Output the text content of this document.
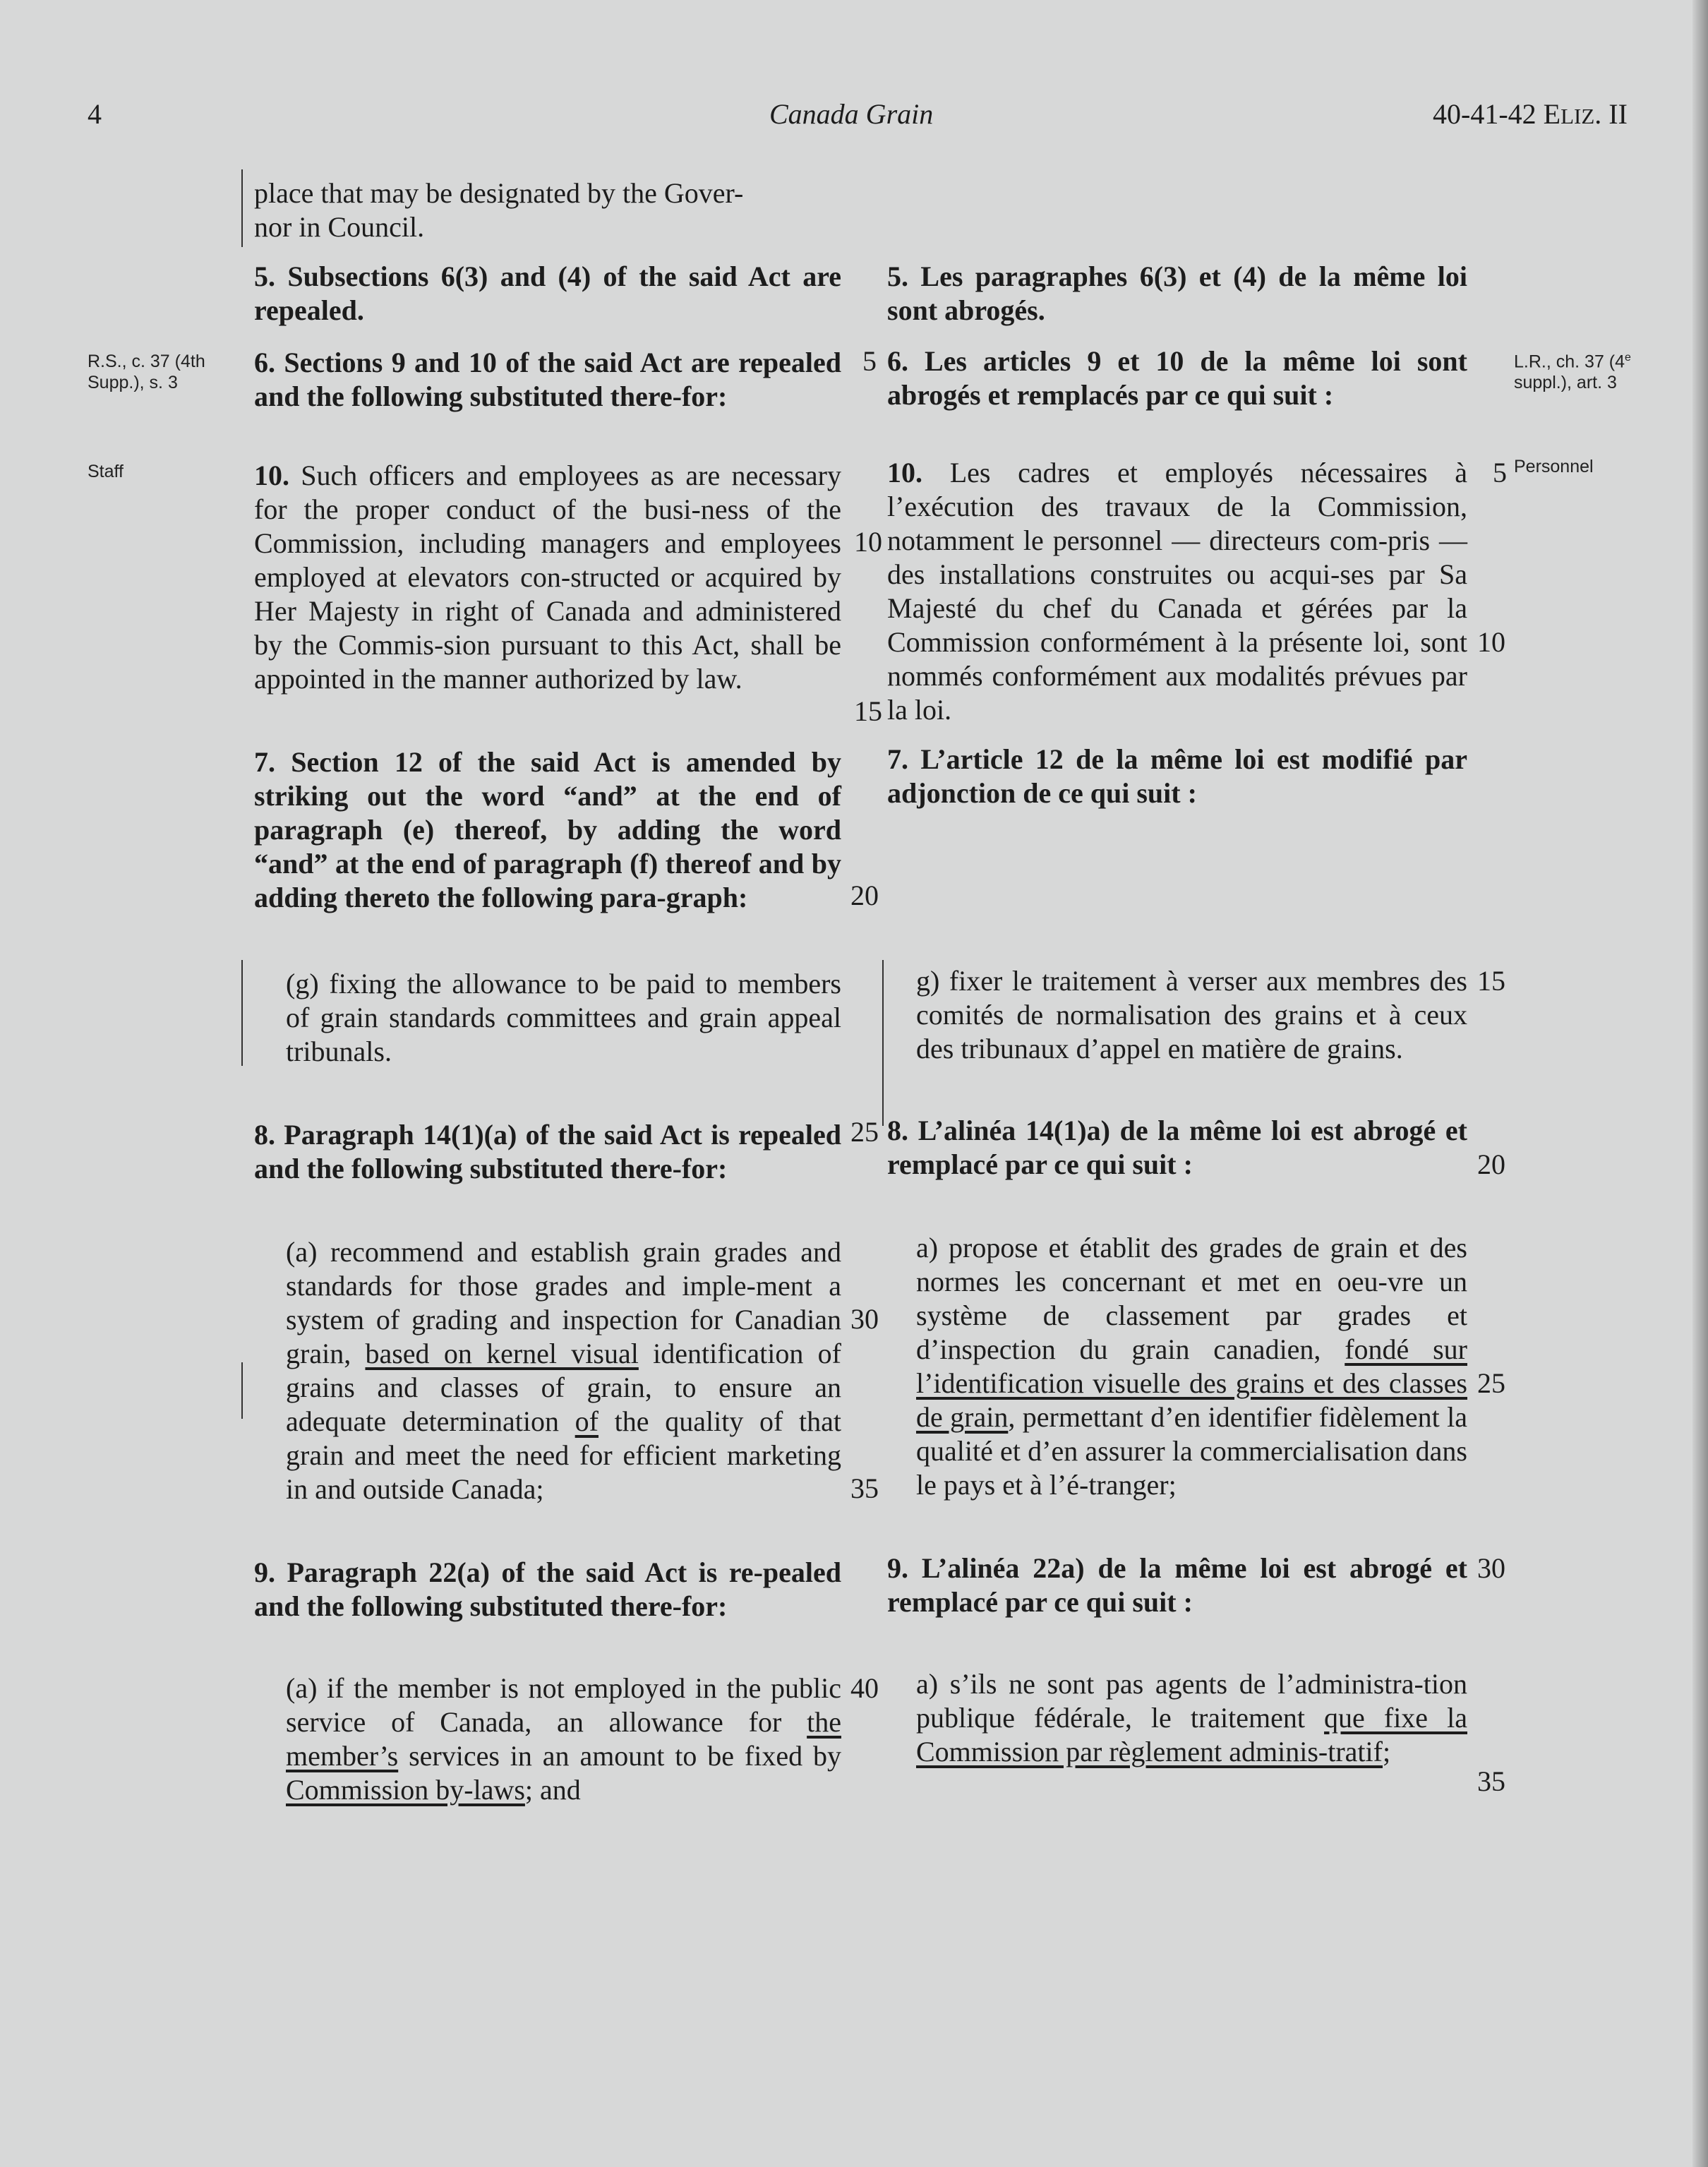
4	Canada Grain	40-41-42 ELIZ. II
R.S., c. 37 (4th
Supp.), s. 3
Staff
L.R., ch. 37 (4e
suppl.), art. 3
Personnel
place that may be designated by the Gover-
nor in Council.

5. Subsections 6(3) and (4) of the said Act are repealed.

6. Sections 9 and 10 of the said Act are repealed and the following substituted there-for:

10. Such officers and employees as are necessary for the proper conduct of the busi-ness of the Commission, including managers and employees employed at elevators con-structed or acquired by Her Majesty in right of Canada and administered by the Commis-sion pursuant to this Act, shall be appointed in the manner authorized by law.

7. Section 12 of the said Act is amended by striking out the word “and” at the end of paragraph (e) thereof, by adding the word “and” at the end of paragraph (f) thereof and by adding thereto the following para-graph:

(g) fixing the allowance to be paid to members of grain standards committees and grain appeal tribunals.

8. Paragraph 14(1)(a) of the said Act is repealed and the following substituted there-for:

(a) recommend and establish grain grades and standards for those grades and imple-ment a system of grading and inspection for Canadian grain, based on kernel visual identification of grains and classes of grain, to ensure an adequate determination of the quality of that grain and meet the need for efficient marketing in and outside Canada;

9. Paragraph 22(a) of the said Act is re-pealed and the following substituted there-for:

(a) if the member is not employed in the public service of Canada, an allowance for the member’s services in an amount to be fixed by Commission by-laws; and

5
10
15
20
25
30
35
40

5. Les paragraphes 6(3) et (4) de la même loi sont abrogés.

6. Les articles 9 et 10 de la même loi sont abrogés et remplacés par ce qui suit :

10. Les cadres et employés nécessaires à l’exécution des travaux de la Commission, notamment le personnel — directeurs com-pris — des installations construites ou acqui-ses par Sa Majesté du chef du Canada et gérées par la Commission conformément à la présente loi, sont nommés conformément aux modalités prévues par la loi.

7. L’article 12 de la même loi est modifié par adjonction de ce qui suit :

g) fixer le traitement à verser aux membres des comités de normalisation des grains et à ceux des tribunaux d’appel en matière de grains.

8. L’alinéa 14(1)a) de la même loi est abrogé et remplacé par ce qui suit :

a) propose et établit des grades de grain et des normes les concernant et met en oeu-vre un système de classement par grades et d’inspection du grain canadien, fondé sur l’identification visuelle des grains et des classes de grain, permettant d’en identifier fidèlement la qualité et d’en assurer la commercialisation dans le pays et à l’é-tranger;

9. L’alinéa 22a) de la même loi est abrogé et remplacé par ce qui suit :

a) s’ils ne sont pas agents de l’administra-tion publique fédérale, le traitement que fixe la Commission par règlement adminis-tratif;

5
10
15
20
25
30
35
